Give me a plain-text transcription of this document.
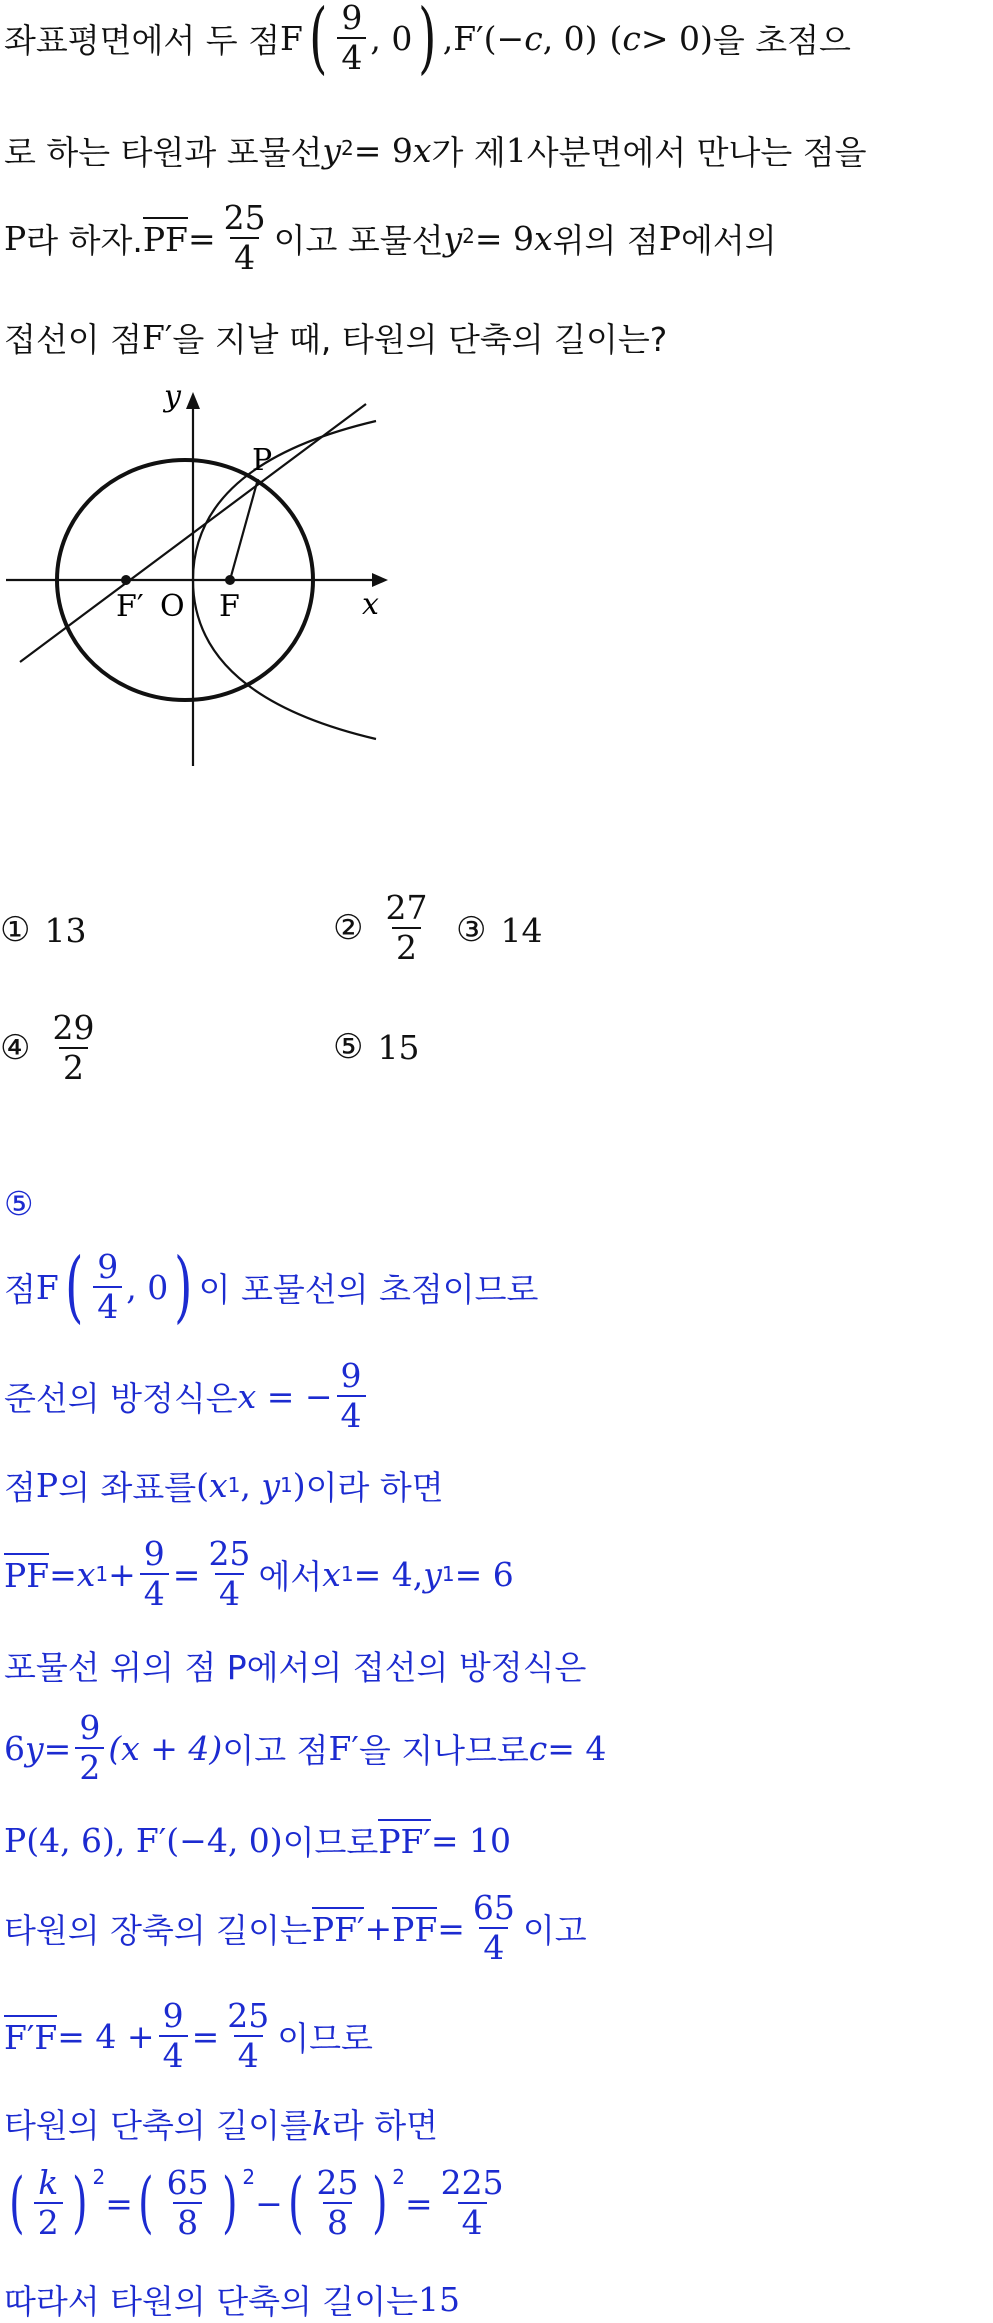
좌표평면에서 두 점 F ( $\frac{9}{4}$ , 0 ) , F′ (− c , 0) ( c > 0) 을 초점으
로 하는 타원과 포물선 $y^2 = 9$ x 가 제 1 사분면에서 만나는 점을
P 라 하자. PF = $\frac{25}{4}$ 이고 포물선 $y^2 = 9$ x 위의 점 P 에서의
접선이 점 F′ 을 지날 때, 타원의 단축의 길이는?
y
x
P
F′ O F
① 13	② $\frac{27}{2}$ ③ 14
④ $\frac{29}{2}$	⑤ 15
⑤
점 F ( $\frac{9}{4}$ , 0 ) 이 포물선의 초점이므로
준선의 방정식은 x = − $\frac{9}{4}$
점 P 의 좌표를 ( x 1 , y 1 ) 이라 하면
PF = x $1 + \frac{9}{4} = \frac{25}{4}$ 에서 x 1 = 4, y 1 = 6
포물선 위의 점 P에서의 접선의 방정식은
6 $y = \frac{9}{2} (x + 4)$ 이고 점 F′ 을 지나므로 c = 4
P(4, 6), F′(−4, 0) 이므로 PF′ = 10
타원의 장축의 길이는 PF′ + PF = $\frac{65}{4}$ 이고
$F'F = 4 + \frac{9}{4} = \frac{25}{4}$ 이므로
타원의 단축의 길이를 k 라 하면
( $\frac{k}{2}$ ) $^2$
= ( $\frac{65}{8}$ ) $^2$
− ( $\frac{25}{8}$ ) $^2$
= $\frac{225}{4}$
따라서 타원의 단축의 길이는 15
